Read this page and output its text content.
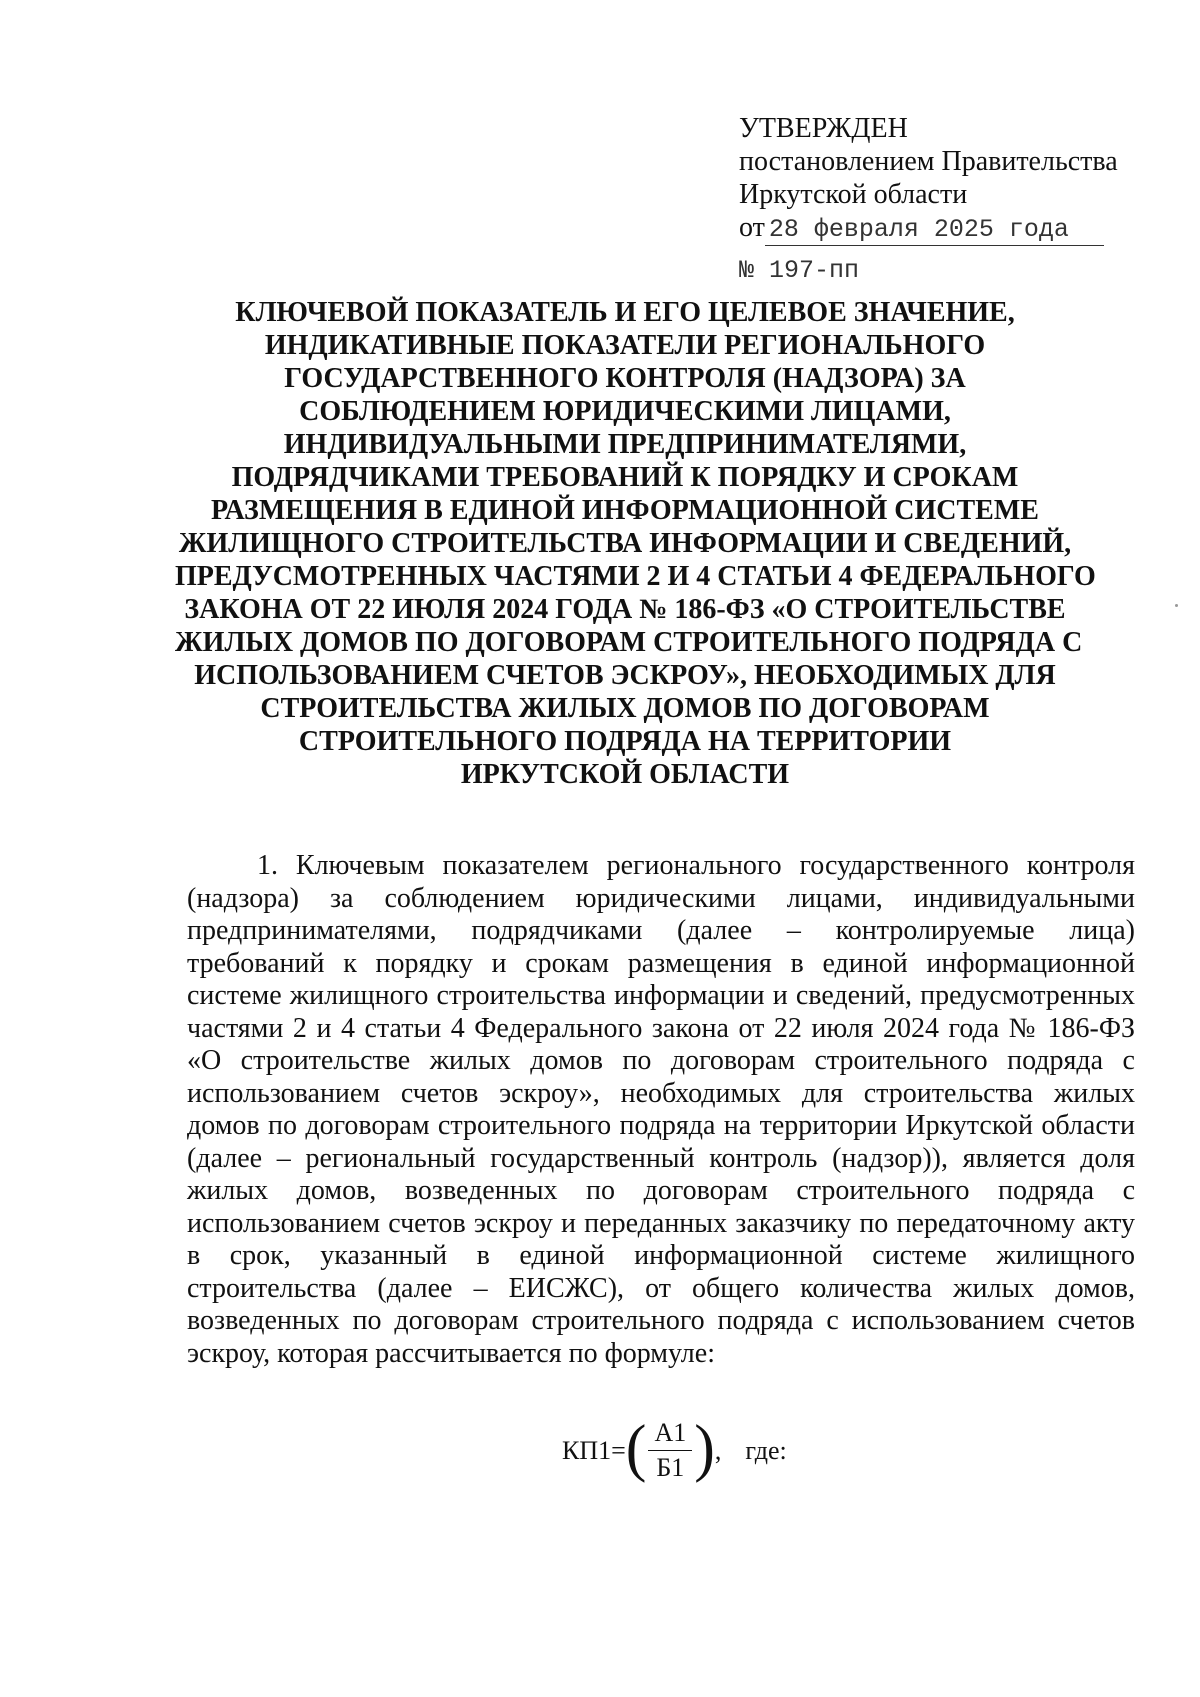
УТВЕРЖДЕН
постановлением Правительства
Иркутской области
от 28 февраля 2025 года
№ 197-пп
КЛЮЧЕВОЙ ПОКАЗАТЕЛЬ И ЕГО ЦЕЛЕВОЕ ЗНАЧЕНИЕ,
ИНДИКАТИВНЫЕ ПОКАЗАТЕЛИ РЕГИОНАЛЬНОГО
ГОСУДАРСТВЕННОГО КОНТРОЛЯ (НАДЗОРА) ЗА
СОБЛЮДЕНИЕМ ЮРИДИЧЕСКИМИ ЛИЦАМИ,
ИНДИВИДУАЛЬНЫМИ ПРЕДПРИНИМАТЕЛЯМИ,
ПОДРЯДЧИКАМИ ТРЕБОВАНИЙ К ПОРЯДКУ И СРОКАМ
РАЗМЕЩЕНИЯ В ЕДИНОЙ ИНФОРМАЦИОННОЙ СИСТЕМЕ
ЖИЛИЩНОГО СТРОИТЕЛЬСТВА ИНФОРМАЦИИ И СВЕДЕНИЙ,
ПРЕДУСМОТРЕННЫХ ЧАСТЯМИ 2 И 4 СТАТЬИ 4 ФЕДЕРАЛЬНОГО
ЗАКОНА ОТ 22 ИЮЛЯ 2024 ГОДА № 186-ФЗ «О СТРОИТЕЛЬСТВЕ
ЖИЛЫХ ДОМОВ ПО ДОГОВОРАМ СТРОИТЕЛЬНОГО ПОДРЯДА С
ИСПОЛЬЗОВАНИЕМ СЧЕТОВ ЭСКРОУ», НЕОБХОДИМЫХ ДЛЯ
СТРОИТЕЛЬСТВА ЖИЛЫХ ДОМОВ ПО ДОГОВОРАМ
СТРОИТЕЛЬНОГО ПОДРЯДА НА ТЕРРИТОРИИ
ИРКУТСКОЙ ОБЛАСТИ
1. Ключевым показателем регионального государственного контроля
(надзора) за соблюдением юридическими лицами, индивидуальными
предпринимателями, подрядчиками (далее – контролируемые лица)
требований к порядку и срокам размещения в единой информационной
системе жилищного строительства информации и сведений, предусмотренных
частями 2 и 4 статьи 4 Федерального закона от 22 июля 2024 года № 186-ФЗ
«О строительстве жилых домов по договорам строительного подряда с
использованием счетов эскроу», необходимых для строительства жилых
домов по договорам строительного подряда на территории Иркутской области
(далее – региональный государственный контроль (надзор)), является доля
жилых домов, возведенных по договорам строительного подряда с
использованием счетов эскроу и переданных заказчику по передаточному акту
в срок, указанный в единой информационной системе жилищного
строительства (далее – ЕИСЖС), от общего количества жилых домов,
возведенных по договорам строительного подряда с использованием счетов
эскроу, которая рассчитывается по формуле:
КП1= ( $\frac{А1}{Б1}$ ) , где:
